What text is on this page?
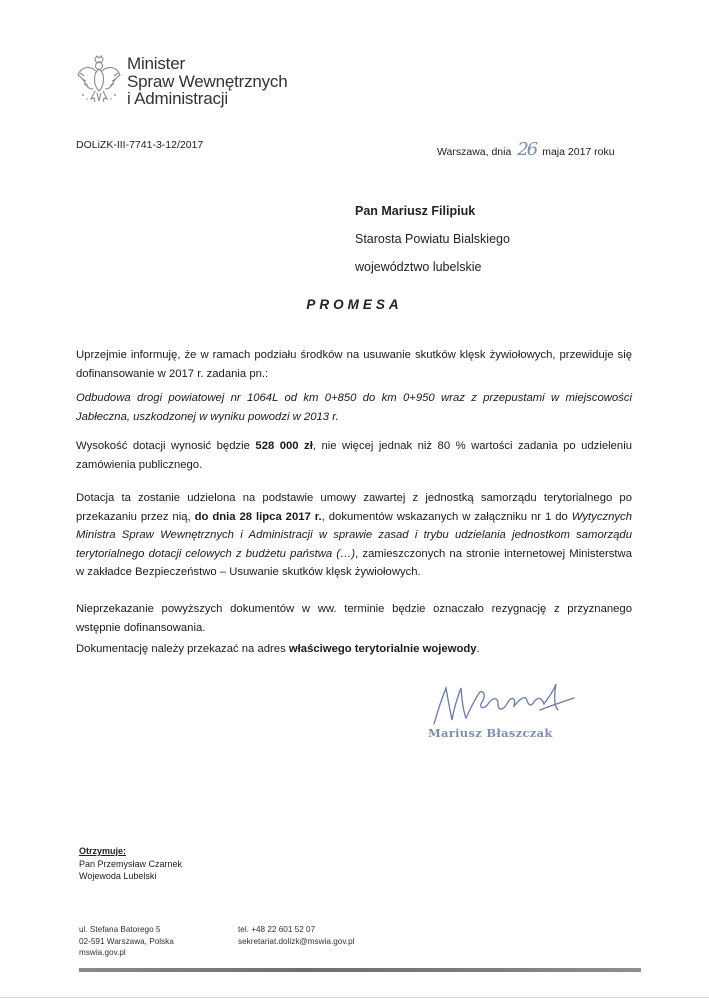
Minister
Spraw Wewnętrznych
i Administracji
DOLiZK-III-7741-3-12/2017
Warszawa, dnia 26 maja 2017 roku
Pan Mariusz Filipiuk
Starosta Powiatu Bialskiego
województwo lubelskie
PROMESA
Uprzejmie informuję, że w ramach podziału środków na usuwanie skutków klęsk żywiołowych, przewiduje się dofinansowanie w 2017 r. zadania pn.:
Odbudowa drogi powiatowej nr 1064L od km 0+850 do km 0+950 wraz z przepustami w miejscowości Jabłeczna, uszkodzonej w wyniku powodzi w 2013 r.
Wysokość dotacji wynosić będzie 528 000 zł, nie więcej jednak niż 80 % wartości zadania po udzieleniu zamówienia publicznego.
Dotacja ta zostanie udzielona na podstawie umowy zawartej z jednostką samorządu terytorialnego po przekazaniu przez nią, do dnia 28 lipca 2017 r., dokumentów wskazanych w załączniku nr 1 do Wytycznych Ministra Spraw Wewnętrznych i Administracji w sprawie zasad i trybu udzielania jednostkom samorządu terytorialnego dotacji celowych z budżetu państwa (…), zamieszczonych na stronie internetowej Ministerstwa w zakładce Bezpieczeństwo – Usuwanie skutków klęsk żywiołowych.
Nieprzekazanie powyższych dokumentów w ww. terminie będzie oznaczało rezygnację z przyznanego wstępnie dofinansowania.
Dokumentację należy przekazać na adres właściwego terytorialnie wojewody.
Mariusz Błaszczak
Otrzymuje:
Pan Przemysław Czarnek
Wojewoda Lubelski
ul. Stefana Batorego 5
02-591 Warszawa, Polska
mswia.gov.pl
tel. +48 22 601 52 07
sekretariat.dolizk@mswia.gov.pl
